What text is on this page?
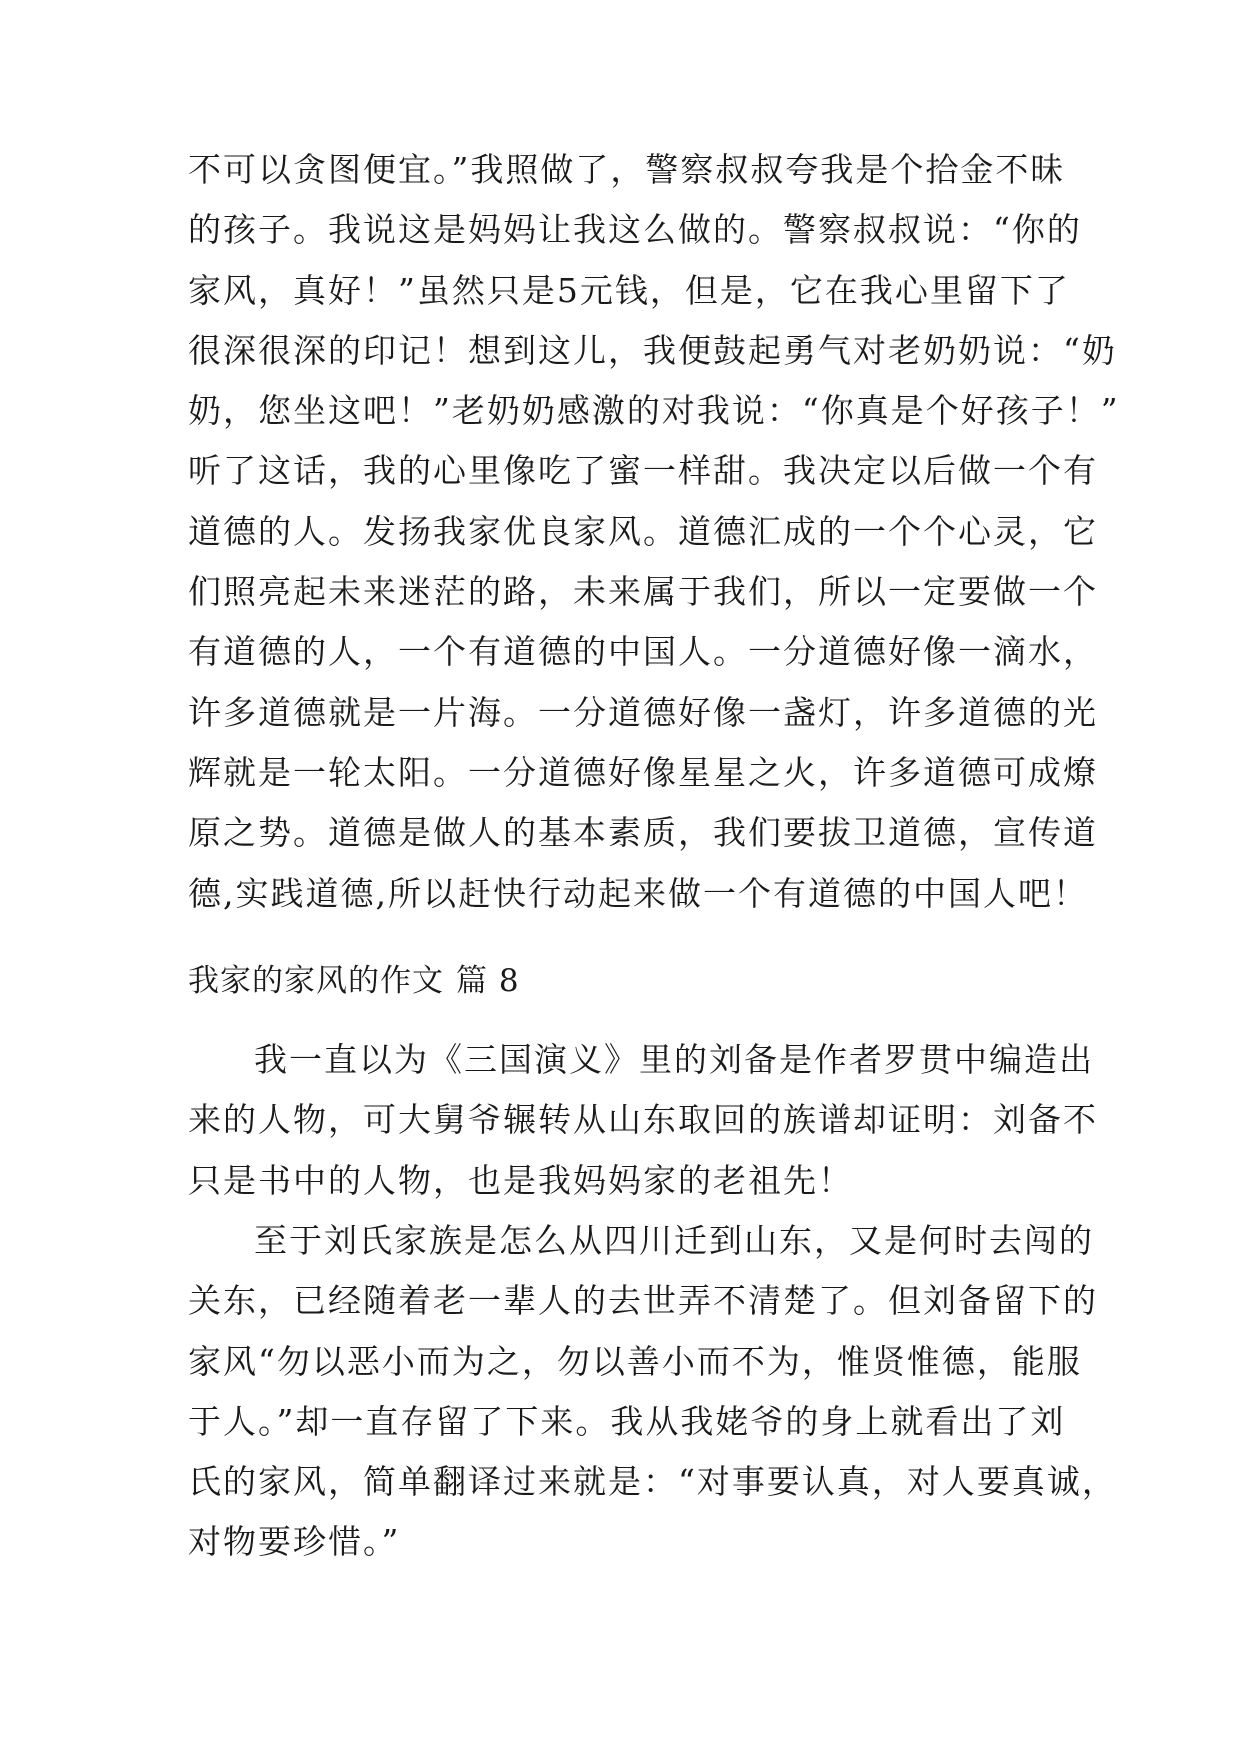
不可以贪图便宜。”我照做了，警察叔叔夸我是个拾金不昧
的孩子。我说这是妈妈让我这么做的。警察叔叔说：“你的
家风，真好！”虽然只是5元钱，但是，它在我心里留下了
很深很深的印记！想到这儿，我便鼓起勇气对老奶奶说：“奶
奶，您坐这吧！”老奶奶感激的对我说：“你真是个好孩子！”
听了这话，我的心里像吃了蜜一样甜。我决定以后做一个有
道德的人。发扬我家优良家风。道德汇成的一个个心灵，它
们照亮起未来迷茫的路，未来属于我们，所以一定要做一个
有道德的人，一个有道德的中国人。一分道德好像一滴水，
许多道德就是一片海。一分道德好像一盏灯，许多道德的光
辉就是一轮太阳。一分道德好像星星之火，许多道德可成燎
原之势。道德是做人的基本素质，我们要拔卫道德，宣传道
德,实践道德,所以赶快行动起来做一个有道德的中国人吧！
我家的家风的作文 篇 8
我一直以为《三国演义》里的刘备是作者罗贯中编造出
来的人物，可大舅爷辗转从山东取回的族谱却证明：刘备不
只是书中的人物，也是我妈妈家的老祖先！
至于刘氏家族是怎么从四川迁到山东，又是何时去闯的
关东，已经随着老一辈人的去世弄不清楚了。但刘备留下的
家风“勿以恶小而为之，勿以善小而不为，惟贤惟德，能服
于人。”却一直存留了下来。我从我姥爷的身上就看出了刘
氏的家风，简单翻译过来就是：“对事要认真，对人要真诚，
对物要珍惜。”
